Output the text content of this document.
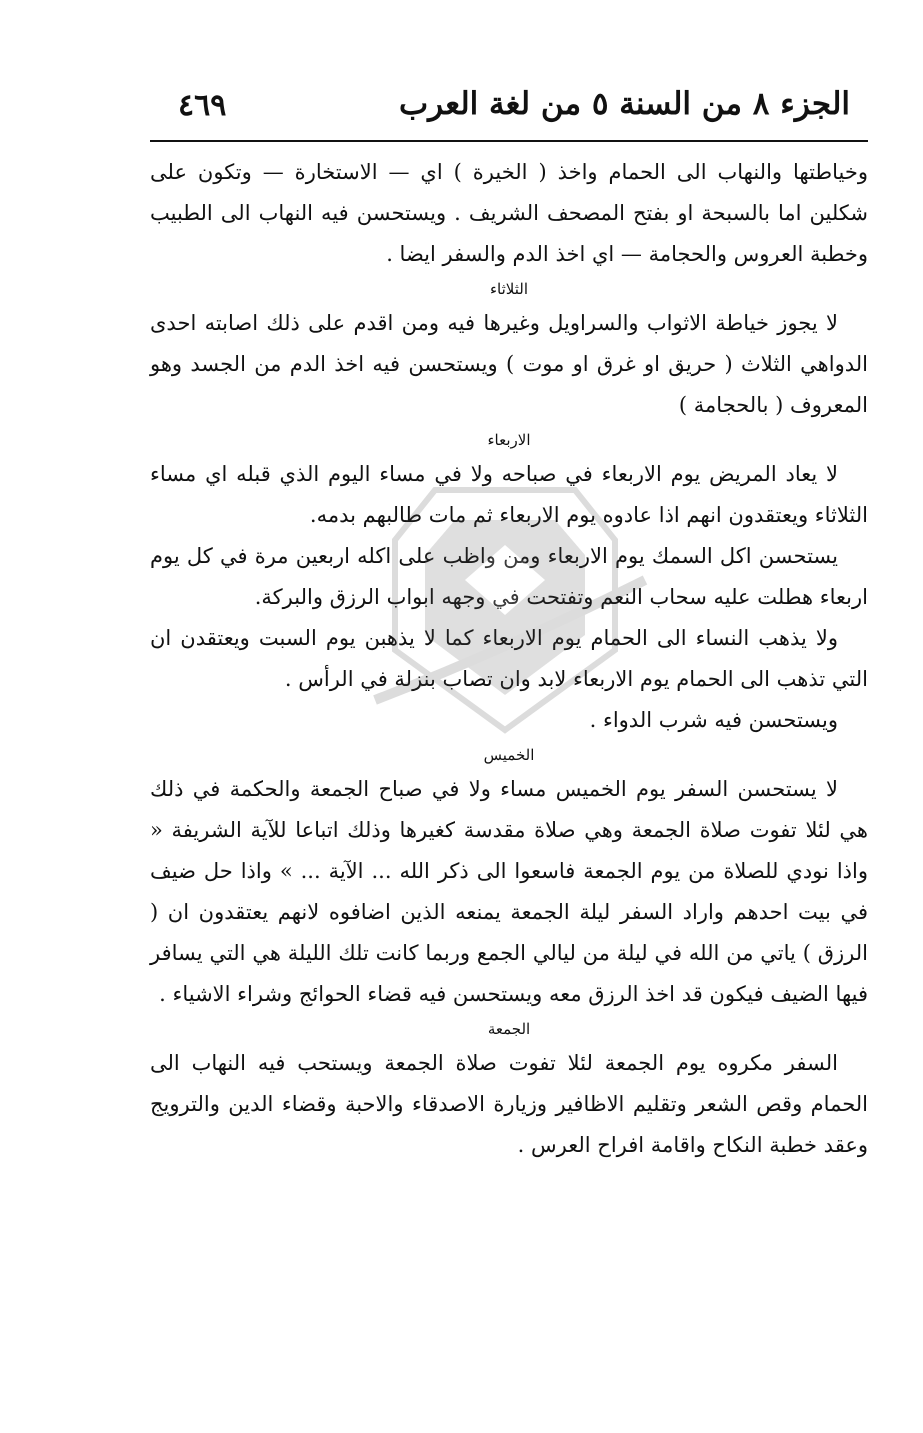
الجزء ٨ من السنة ٥ من لغة العرب
٤٦٩

وخياطتها والنهاب الى الحمام واخذ ( الخيرة ) اي — الاستخارة — وتكون على شكلين اما بالسبحة او بفتح المصحف الشريف . ويستحسن فيه النهاب الى الطبيب وخطبة العروس والحجامة — اي اخذ الدم والسفر ايضا .

الثلاثاء

لا يجوز خياطة الاثواب والسراويل وغيرها فيه ومن اقدم على ذلك اصابته احدى الدواهي الثلاث ( حريق او غرق او موت ) ويستحسن فيه اخذ الدم من الجسد وهو المعروف ( بالحجامة )

الاربعاء

لا يعاد المريض يوم الاربعاء في صباحه ولا في مساء اليوم الذي قبله اي مساء الثلاثاء ويعتقدون انهم اذا عادوه يوم الاربعاء ثم مات طالبهم بدمه.

يستحسن اكل السمك يوم الاربعاء ومن واظب على اكله اربعين مرة في كل يوم اربعاء هطلت عليه سحاب النعم وتفتحت في وجهه ابواب الرزق والبركة.

ولا يذهب النساء الى الحمام يوم الاربعاء كما لا يذهبن يوم السبت ويعتقدن ان التي تذهب الى الحمام يوم الاربعاء لابد وان تصاب بنزلة في الرأس .

ويستحسن فيه شرب الدواء .

الخميس

لا يستحسن السفر يوم الخميس مساء ولا في صباح الجمعة والحكمة في ذلك هي لئلا تفوت صلاة الجمعة وهي صلاة مقدسة كغيرها وذلك اتباعا للآية الشريفة « واذا نودي للصلاة من يوم الجمعة فاسعوا الى ذكر الله ... الآية ... » واذا حل ضيف في بيت احدهم واراد السفر ليلة الجمعة يمنعه الذين اضافوه لانهم يعتقدون ان ( الرزق ) ياتي من الله في ليلة من ليالي الجمع وربما كانت تلك الليلة هي التي يسافر فيها الضيف فيكون قد اخذ الرزق معه ويستحسن فيه قضاء الحوائج وشراء الاشياء .

الجمعة

السفر مكروه يوم الجمعة لئلا تفوت صلاة الجمعة ويستحب فيه النهاب الى الحمام وقص الشعر وتقليم الاظافير وزيارة الاصدقاء والاحبة وقضاء الدين والترويج وعقد خطبة النكاح واقامة افراح العرس .
